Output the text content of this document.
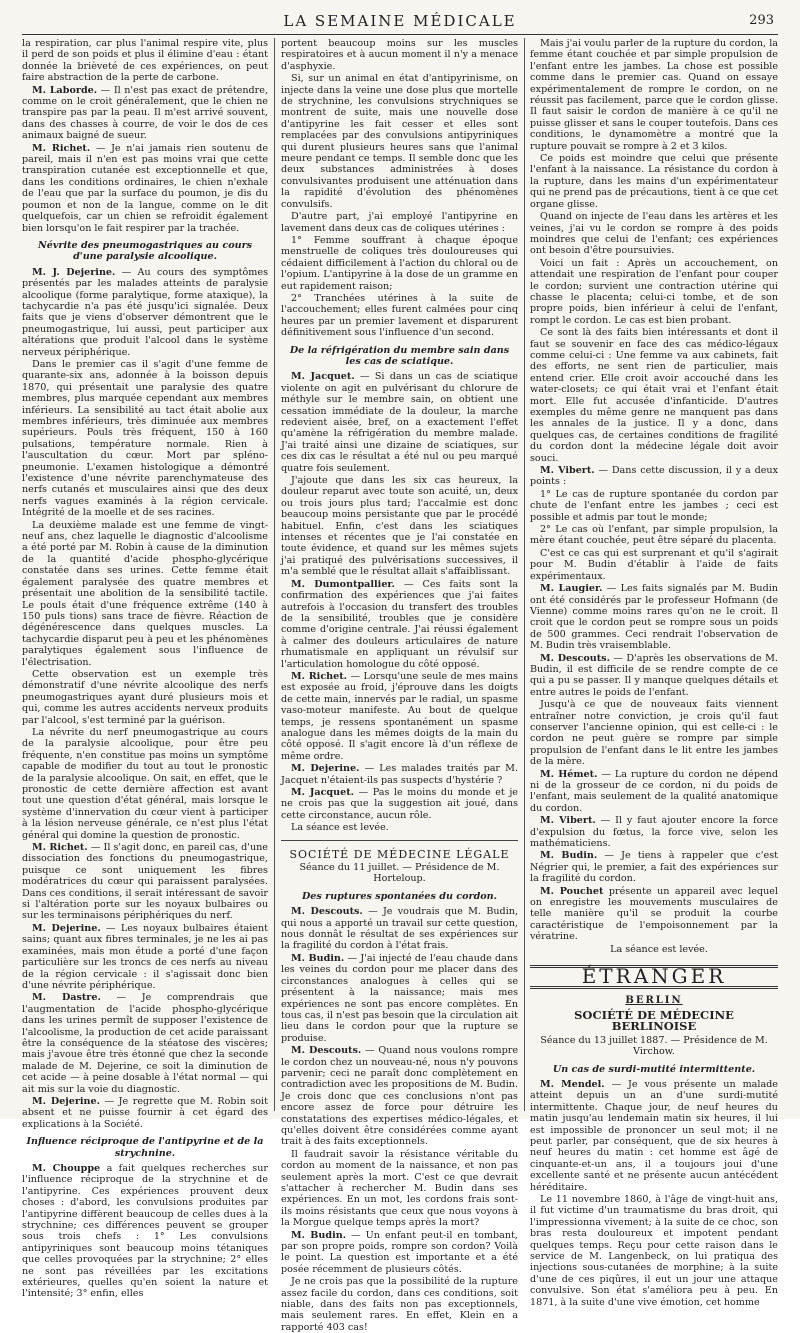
LA SEMAINE MÉDICALE	293

la respiration, car plus l'animal respire vite, plus il perd de son poids et plus il élimine d'eau : étant donnée la brièveté de ces expériences, on peut faire abstraction de la perte de carbone.

M. Laborde. — Il n'est pas exact de prétendre, comme on le croit généralement, que le chien ne transpire pas par la peau. Il m'est arrivé souvent, dans des chasses à courre, de voir le dos de ces animaux baigné de sueur.

M. Richet. — Je n'ai jamais rien soutenu de pareil, mais il n'en est pas moins vrai que cette transpiration cutanée est exceptionnelle et que, dans les conditions ordinaires, le chien n'exhale de l'eau que par la surface du poumon, je dis du poumon et non de la langue, comme on le dit quelquefois, car un chien se refroidit également bien lorsqu'on le fait respirer par la trachée.

Névrite des pneumogastriques au cours d'une paralysie alcoolique.

M. J. Dejerine. — Au cours des symptômes présentés par les malades atteints de paralysie alcoolique (forme paralytique, forme ataxique), la tachycardie n'a pas été jusqu'ici signalée. Deux faits que je viens d'observer démontrent que le pneumogastrique, lui aussi, peut participer aux altérations que produit l'alcool dans le système nerveux périphérique.

Dans le premier cas il s'agit d'une femme de quarante-six ans, adonnée à la boisson depuis 1870, qui présentait une paralysie des quatre membres, plus marquée cependant aux membres inférieurs. La sensibilité au tact était abolie aux membres inférieurs, très diminuée aux membres supérieurs. Pouls très fréquent, 150 à 160 pulsations, température normale. Rien à l'auscultation du cœur. Mort par spléno-pneumonie. L'examen histologique a démontré l'existence d'une névrite parenchymateuse des nerfs cutanés et musculaires ainsi que des deux nerfs vagues examinés à la région cervicale. Intégrité de la moelle et de ses racines.

La deuxième malade est une femme de vingt-neuf ans, chez laquelle le diagnostic d'alcoolisme a été porté par M. Robin à cause de la diminution de la quantité d'acide phospho-glycérique constatée dans ses urines. Cette femme était également paralysée des quatre membres et présentait une abolition de la sensibilité tactile. Le pouls était d'une fréquence extrême (140 à 150 puls tions) sans trace de fièvre. Réaction de dégénérescence dans quelques muscles. La tachycardie disparut peu à peu et les phénomènes paralytiques également sous l'influence de l'électrisation.

Cette observation est un exemple très démonstratif d'une névrite alcoolique des nerfs pneumogastriques ayant duré plusieurs mois et qui, comme les autres accidents nerveux produits par l'alcool, s'est terminé par la guérison.

La névrite du nerf pneumogastrique au cours de la paralysie alcoolique, pour être peu fréquente, n'en constitue pas moins un symptôme capable de modifier du tout au tout le pronostic de la paralysie alcoolique. On sait, en effet, que le pronostic de cette dernière affection est avant tout une question d'état général, mais lorsque le système d'innervation du cœur vient à participer à la lésion nerveuse générale, ce n'est plus l'état général qui domine la question de pronostic.

M. Richet. — Il s'agit donc, en pareil cas, d'une dissociation des fonctions du pneumogastrique, puisque ce sont uniquement les fibres modératrices du cœur qui paraissent paralysées. Dans ces conditions, il serait intéressant de savoir si l'altération porte sur les noyaux bulbaires ou sur les terminaisons périphériques du nerf.

M. Dejerine. — Les noyaux bulbaires étaient sains; quant aux fibres terminales, je ne les ai pas examinées, mais mon étude a porté d'une façon particulière sur les troncs de ces nerfs au niveau de la région cervicale : il s'agissait donc bien d'une névrite périphérique.

M. Dastre. — Je comprendrais que l'augmentation de l'acide phospho-glycérique dans les urines permît de supposer l'existence de l'alcoolisme, la production de cet acide paraissant être la conséquence de la stéatose des viscères; mais j'avoue être très étonné que chez la seconde malade de M. Dejerine, ce soit la diminution de cet acide — à peine dosable à l'état normal — qui ait mis sur la voie du diagnostic.

M. Dejerine. — Je regrette que M. Robin soit absent et ne puisse fournir à cet égard des explications à la Société.

Influence réciproque de l'antipyrine et de la strychnine.

M. Chouppe a fait quelques recherches sur l'influence réciproque de la strychnine et de l'antipyrine. Ces expériences prouvent deux choses : d'abord, les convulsions produites par l'antipyrine diffèrent beaucoup de celles dues à la strychnine; ces différences peuvent se grouper sous trois chefs : 1° Les convulsions antipyriniques sont beaucoup moins tétaniques que celles provoquées par la strychnine; 2° elles ne sont pas réveillées par les excitations extérieures, quelles qu'en soient la nature et l'intensité; 3° enfin, elles

portent beaucoup moins sur les muscles respiratoires et à aucun moment il n'y a menace d'asphyxie.

Si, sur un animal en état d'antipyrinisme, on injecte dans la veine une dose plus que mortelle de strychnine, les convulsions strychniques se montrent de suite, mais une nouvelle dose d'antipyrine les fait cesser et elles sont remplacées par des convulsions antipyriniques qui durent plusieurs heures sans que l'animal meure pendant ce temps. Il semble donc que les deux substances administrées à doses convulsivantes produisent une atténuation dans la rapidité d'évolution des phénomènes convulsifs.

D'autre part, j'ai employé l'antipyrine en lavement dans deux cas de coliques utérines :

1° Femme souffrant à chaque époque menstruelle de coliques très douloureuses qui cédaient difficilement à l'action du chloral ou de l'opium. L'antipyrine à la dose de un gramme en eut rapidement raison;

2° Tranchées utérines à la suite de l'accouchement; elles furent calmées pour cinq heures par un premier lavement et disparurent définitivement sous l'influence d'un second.

De la réfrigération du membre sain dans les cas de sciatique.

M. Jacquet. — Si dans un cas de sciatique violente on agit en pulvérisant du chlorure de méthyle sur le membre sain, on obtient une cessation immédiate de la douleur, la marche redevient aisée, bref, on a exactement l'effet qu'amène la réfrigération du membre malade. J'ai traité ainsi une dizaine de sciatiques, sur ces dix cas le résultat a été nul ou peu marqué quatre fois seulement.

J'ajoute que dans les six cas heureux, la douleur reparut avec toute son acuité, un, deux ou trois jours plus tard; l'accalmie est donc beaucoup moins persistante que par le procédé habituel. Enfin, c'est dans les sciatiques intenses et récentes que je l'ai constatée en toute évidence, et quand sur les mêmes sujets j'ai pratiqué des pulvérisations successives, il m'a semblé que le résultat allait s'affaiblissant.

M. Dumontpallier. — Ces faits sont la confirmation des expériences que j'ai faites autrefois à l'occasion du transfert des troubles de la sensibilité, troubles que je considère comme d'origine centrale. J'ai réussi également à calmer des douleurs articulaires de nature rhumatismale en appliquant un révulsif sur l'articulation homologue du côté opposé.

M. Richet. — Lorsqu'une seule de mes mains est exposée au froid, j'éprouve dans les doigts de cette main, innervés par le radial, un spasme vaso-moteur manifeste. Au bout de quelque temps, je ressens spontanément un spasme analogue dans les mêmes doigts de la main du côté opposé. Il s'agit encore là d'un réflexe de même ordre.

M. Dejerine. — Les malades traités par M. Jacquet n'étaient-ils pas suspects d'hystérie ?

M. Jacquet. — Pas le moins du monde et je ne crois pas que la suggestion ait joué, dans cette circonstance, aucun rôle.

La séance est levée.

SOCIÉTÉ DE MÉDECINE LÉGALE
Séance du 11 juillet. — Présidence de M. Horteloup.
Des ruptures spontanées du cordon.

M. Descouts. — Je voudrais que M. Budin, qui nous a apporté un travail sur cette question, nous donnât le résultat de ses expériences sur la fragilité du cordon à l'état frais.

M. Budin. — J'ai injecté de l'eau chaude dans les veines du cordon pour me placer dans des circonstances analogues à celles qui se présentent à la naissance; mais mes expériences ne sont pas encore complètes. En tous cas, il n'est pas besoin que la circulation ait lieu dans le cordon pour que la rupture se produise.

M. Descouts. — Quand nous voulons rompre le cordon chez un nouveau-né, nous n'y pouvons parvenir; ceci ne paraît donc complètement en contradiction avec les propositions de M. Budin. Je crois donc que ces conclusions n'ont pas encore assez de force pour détruire les constatations des expertises médico-légales, et qu'elles doivent être considérées comme ayant trait à des faits exceptionnels.

Il faudrait savoir la résistance véritable du cordon au moment de la naissance, et non pas seulement après la mort. C'est ce que devrait s'attacher à rechercher M. Budin dans ses expériences. En un mot, les cordons frais sont-ils moins résistants que ceux que nous voyons à la Morgue quelque temps après la mort?

M. Budin. — Un enfant peut-il en tombant, par son propre poids, rompre son cordon? Voilà le point. La question est importante et a été posée récemment de plusieurs côtés.

Je ne crois pas que la possibilité de la rupture assez facile du cordon, dans ces conditions, soit niable, dans des faits non pas exceptionnels, mais seulement rares. En effet, Klein en a rapporté 403 cas!

Mais j'ai voulu parler de la rupture du cordon, la femme étant couchée et par simple propulsion de l'enfant entre les jambes. La chose est possible comme dans le premier cas. Quand on essaye expérimentalement de rompre le cordon, on ne réussit pas facilement, parce que le cordon glisse. Il faut saisir le cordon de manière à ce qu'il ne puisse glisser et sans le couper toutefois. Dans ces conditions, le dynamomètre a montré que la rupture pouvait se rompre à 2 et 3 kilos.

Ce poids est moindre que celui que présente l'enfant à la naissance. La résistance du cordon à la rupture, dans les mains d'un expérimentateur qui ne prend pas de précautions, tient à ce que cet organe glisse.

Quand on injecte de l'eau dans les artères et les veines, j'ai vu le cordon se rompre à des poids moindres que celui de l'enfant; ces expériences ont besoin d'être poursuivies.

Voici un fait : Après un accouchement, on attendait une respiration de l'enfant pour couper le cordon; survient une contraction utérine qui chasse le placenta; celui-ci tombe, et de son propre poids, bien inférieur à celui de l'enfant, rompt le cordon. Le cas est bien probant.

Ce sont là des faits bien intéressants et dont il faut se souvenir en face des cas médico-légaux comme celui-ci : Une femme va aux cabinets, fait des efforts, ne sent rien de particulier, mais entend crier. Elle croit avoir accouché dans les water-closets; ce qui était vrai et l'enfant était mort. Elle fut accusée d'infanticide. D'autres exemples du même genre ne manquent pas dans les annales de la justice. Il y a donc, dans quelques cas, de certaines conditions de fragilité du cordon dont la médecine légale doit avoir souci.

M. Vibert. — Dans cette discussion, il y a deux points :

1° Le cas de rupture spontanée du cordon par chute de l'enfant entre les jambes ; ceci est possible et admis par tout le monde;

2° Le cas où l'enfant, par simple propulsion, la mère étant couchée, peut être séparé du placenta.

C'est ce cas qui est surprenant et qu'il s'agirait pour M. Budin d'établir à l'aide de faits expérimentaux.

M. Laugier. — Les faits signalés par M. Budin ont été considérés par le professeur Hofmann (de Vienne) comme moins rares qu'on ne le croit. Il croit que le cordon peut se rompre sous un poids de 500 grammes. Ceci rendrait l'observation de M. Budin très vraisemblable.

M. Descouts. — D'après les observations de M. Budin, il est difficile de se rendre compte de ce qui a pu se passer. Il y manque quelques détails et entre autres le poids de l'enfant.

Jusqu'à ce que de nouveaux faits viennent entraîner notre conviction, je crois qu'il faut conserver l'ancienne opinion, qui est celle-ci : le cordon ne peut guère se rompre par simple propulsion de l'enfant dans le lit entre les jambes de la mère.

M. Hémet. — La rupture du cordon ne dépend ni de la grosseur de ce cordon, ni du poids de l'enfant, mais seulement de la qualité anatomique du cordon.

M. Vibert. — Il y faut ajouter encore la force d'expulsion du fœtus, la force vive, selon les mathématiciens.

M. Budin. — Je tiens à rappeler que c'est Négrier qui, le premier, a fait des expériences sur la fragilité du cordon.

M. Pouchet présente un appareil avec lequel on enregistre les mouvements musculaires de telle manière qu'il se produit la courbe caractéristique de l'empoisonnement par la vératrine.

La séance est levée.

ÉTRANGER
BERLIN
SOCIÉTÉ DE MÉDECINE BERLINOISE
Séance du 13 juillet 1887. — Présidence de M. Virchow.
Un cas de surdi-mutité intermittente.

M. Mendel. — Je vous présente un malade atteint depuis un an d'une surdi-mutité intermittente. Chaque jour, de neuf heures du matin jusqu'au lendemain matin six heures, il lui est impossible de prononcer un seul mot; il ne peut parler, par conséquent, que de six heures à neuf heures du matin : cet homme est âgé de cinquante-et-un ans, il a toujours joui d'une excellente santé et ne présente aucun antécédent héréditaire.

Le 11 novembre 1860, à l'âge de vingt-huit ans, il fut victime d'un traumatisme du bras droit, qui l'impressionna vivement; à la suite de ce choc, son bras resta douloureux et impotent pendant quelques temps. Reçu pour cette raison dans le service de M. Langenbeck, on lui pratiqua des injections sous-cutanées de morphine; à la suite d'une de ces piqûres, il eut un jour une attaque convulsive. Son état s'améliora peu à peu. En 1871, à la suite d'une vive émotion, cet homme
